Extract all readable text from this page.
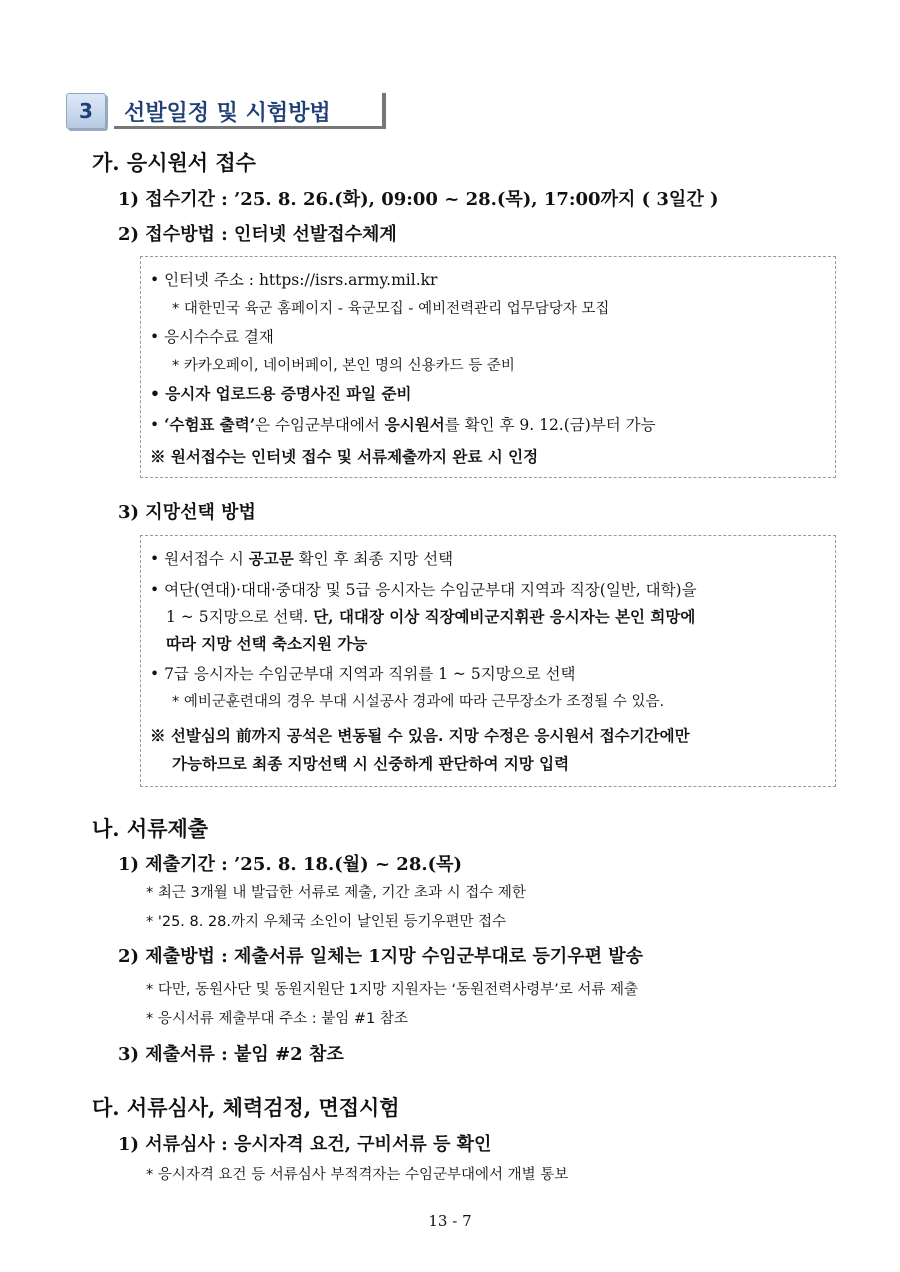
3	선발일정 및 시험방법
가. 응시원서 접수
1) 접수기간 : ’25. 8. 26.(화), 09:00 ~ 28.(목), 17:00까지 ( 3일간 )
2) 접수방법 : 인터넷 선발접수체계
• 인터넷 주소 : https://isrs.army.mil.kr
* 대한민국 육군 홈페이지 - 육군모집 - 예비전력관리 업무담당자 모집
• 응시수수료 결재
* 카카오페이, 네이버페이, 본인 명의 신용카드 등 준비
• 응시자 업로드용 증명사진 파일 준비
• ‘수험표 출력’은 수임군부대에서 응시원서를 확인 후 9. 12.(금)부터 가능
※ 원서접수는 인터넷 접수 및 서류제출까지 완료 시 인정
3) 지망선택 방법
• 원서접수 시 공고문 확인 후 최종 지망 선택
• 여단(연대)·대대·중대장 및 5급 응시자는 수임군부대 지역과 직장(일반, 대학)을
1 ~ 5지망으로 선택. 단, 대대장 이상 직장예비군지휘관 응시자는 본인 희망에
따라 지망 선택 축소지원 가능
• 7급 응시자는 수임군부대 지역과 직위를 1 ~ 5지망으로 선택
* 예비군훈련대의 경우 부대 시설공사 경과에 따라 근무장소가 조정될 수 있음.
※ 선발심의 前까지 공석은 변동될 수 있음. 지망 수정은 응시원서 접수기간에만
가능하므로 최종 지망선택 시 신중하게 판단하여 지망 입력
나. 서류제출
1) 제출기간 : ’25. 8. 18.(월) ~ 28.(목)
* 최근 3개월 내 발급한 서류로 제출, 기간 초과 시 접수 제한
* '25. 8. 28.까지 우체국 소인이 날인된 등기우편만 접수
2) 제출방법 : 제출서류 일체는 1지망 수임군부대로 등기우편 발송
* 다만, 동원사단 및 동원지원단 1지망 지원자는 ‘동원전력사령부’로 서류 제출
* 응시서류 제출부대 주소 : 붙임 #1 참조
3) 제출서류 : 붙임 #2 참조
다. 서류심사, 체력검정, 면접시험
1) 서류심사 : 응시자격 요건, 구비서류 등 확인
* 응시자격 요건 등 서류심사 부적격자는 수임군부대에서 개별 통보
13 - 7
